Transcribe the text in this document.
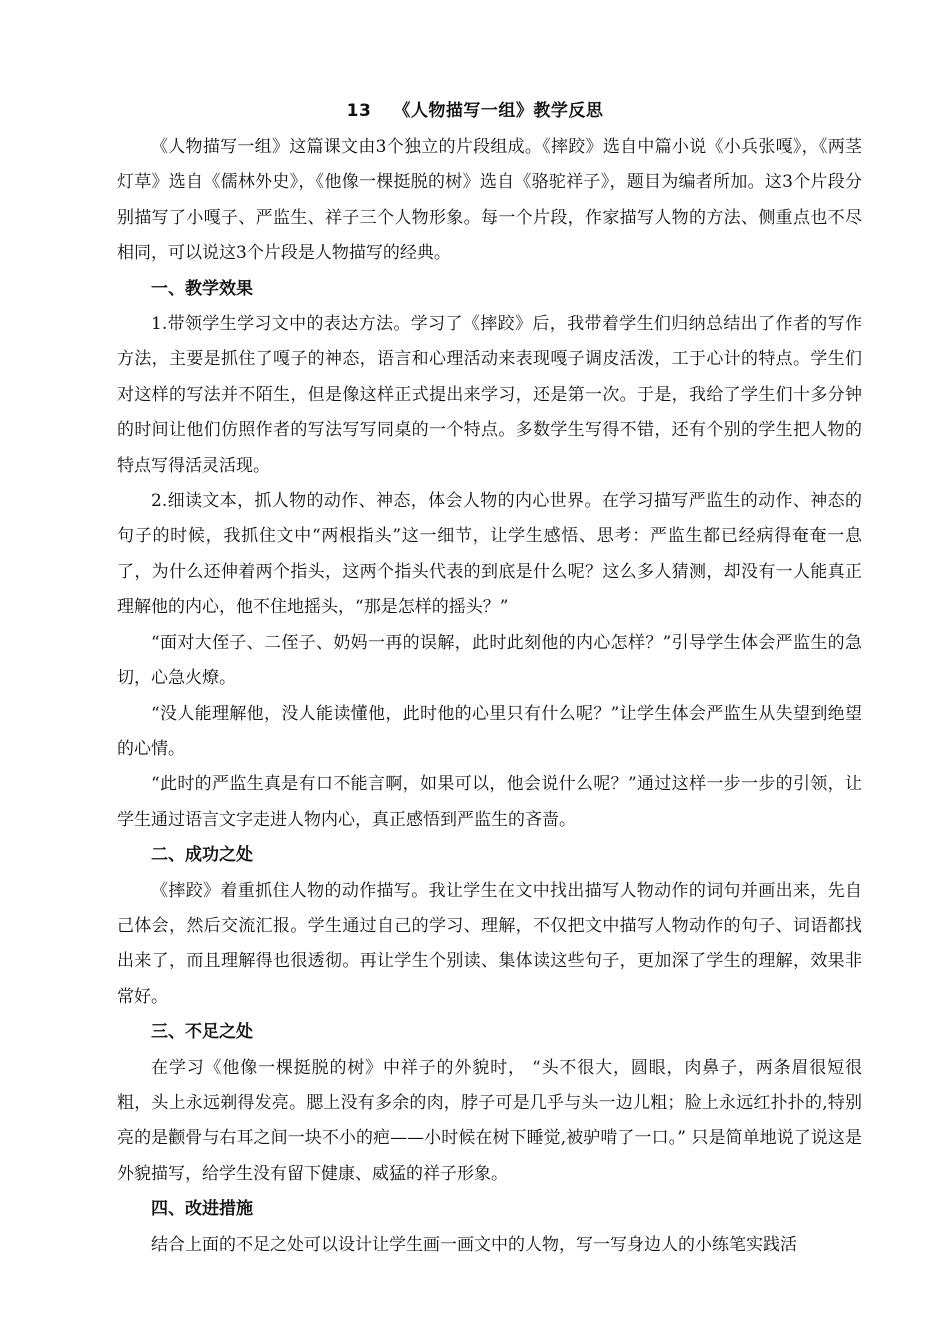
13 《人物描写一组》教学反思

《人物描写一组》这篇课文由3个独立的片段组成。《摔跤》选自中篇小说《小兵张嘎》，《两茎灯草》选自《儒林外史》，《他像一棵挺脱的树》选自《骆驼祥子》，题目为编者所加。这3个片段分别描写了小嘎子、严监生、祥子三个人物形象。每一个片段，作家描写人物的方法、侧重点也不尽相同，可以说这3个片段是人物描写的经典。

一、教学效果

1.带领学生学习文中的表达方法。学习了《摔跤》后，我带着学生们归纳总结出了作者的写作方法，主要是抓住了嘎子的神态，语言和心理活动来表现嘎子调皮活泼，工于心计的特点。学生们对这样的写法并不陌生，但是像这样正式提出来学习，还是第一次。于是，我给了学生们十多分钟的时间让他们仿照作者的写法写写同桌的一个特点。多数学生写得不错，还有个别的学生把人物的特点写得活灵活现。

2.细读文本，抓人物的动作、神态，体会人物的内心世界。在学习描写严监生的动作、神态的句子的时候，我抓住文中“两根指头”这一细节，让学生感悟、思考：严监生都已经病得奄奄一息了，为什么还伸着两个指头，这两个指头代表的到底是什么呢？这么多人猜测，却没有一人能真正理解他的内心，他不住地摇头，“那是怎样的摇头？”

“面对大侄子、二侄子、奶妈一再的误解，此时此刻他的内心怎样？”引导学生体会严监生的急切，心急火燎。

“没人能理解他，没人能读懂他，此时他的心里只有什么呢？”让学生体会严监生从失望到绝望的心情。

“此时的严监生真是有口不能言啊，如果可以，他会说什么呢？”通过这样一步一步的引领，让学生通过语言文字走进人物内心，真正感悟到严监生的吝啬。

二、成功之处

《摔跤》着重抓住人物的动作描写。我让学生在文中找出描写人物动作的词句并画出来，先自己体会，然后交流汇报。学生通过自己的学习、理解，不仅把文中描写人物动作的句子、词语都找出来了，而且理解得也很透彻。再让学生个别读、集体读这些句子，更加深了学生的理解，效果非常好。

三、不足之处

在学习《他像一棵挺脱的树》中祥子的外貌时， “头不很大，圆眼，肉鼻子，两条眉很短很粗，头上永远剃得发亮。腮上没有多余的肉，脖子可是几乎与头一边儿粗；脸上永远红扑扑的,特别亮的是颧骨与右耳之间一块不小的疤——小时候在树下睡觉,被驴啃了一口。” 只是简单地说了说这是外貌描写，给学生没有留下健康、威猛的祥子形象。

四、改进措施

结合上面的不足之处可以设计让学生画一画文中的人物，写一写身边人的小练笔实践活
